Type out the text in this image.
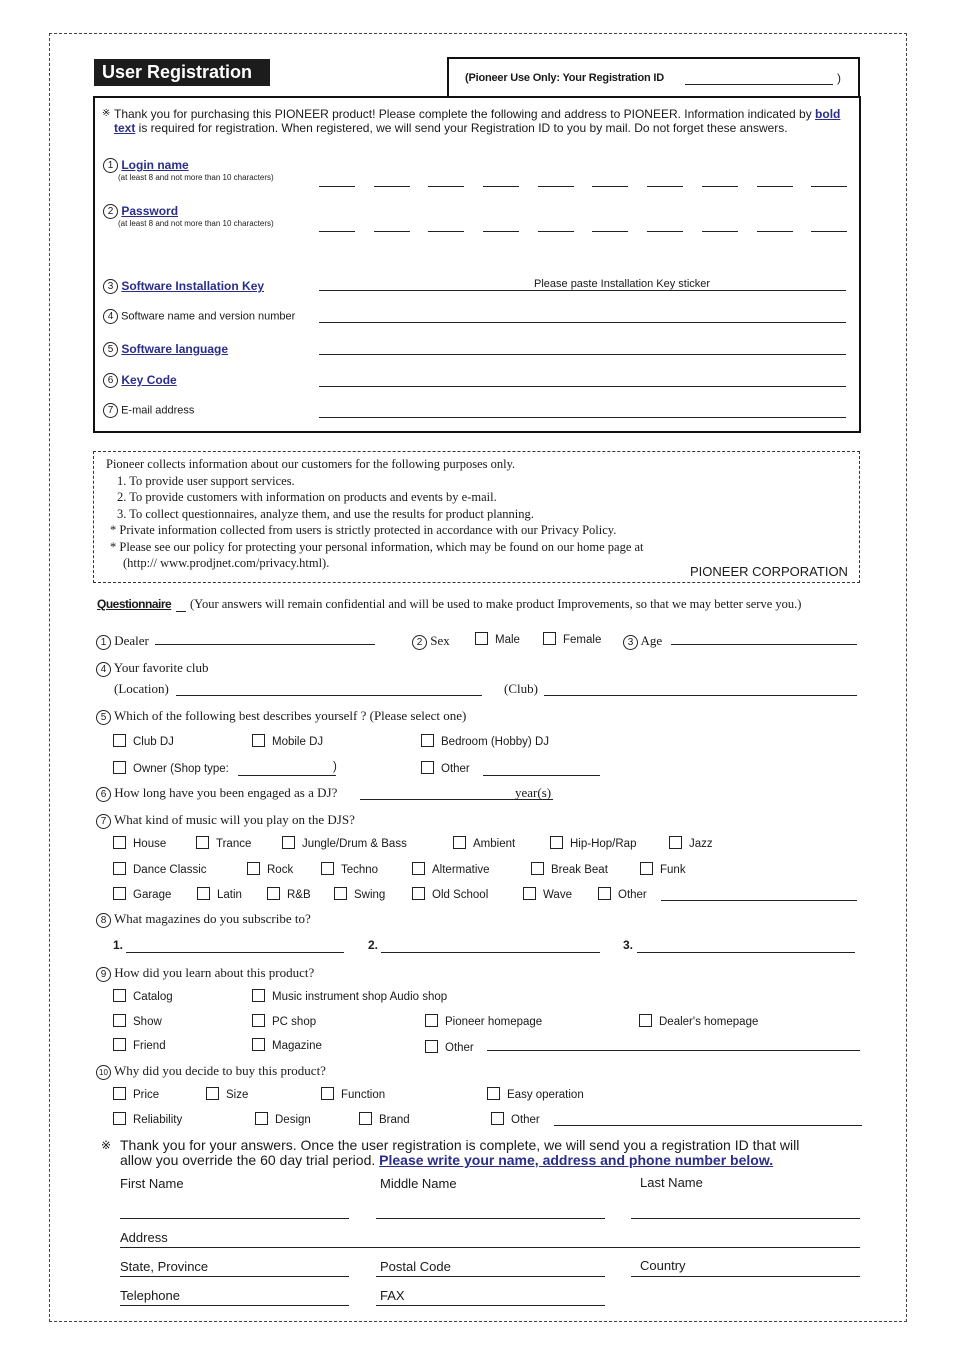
User Registration	(Pioneer Use Only: Your Registration ID	)
※ Thank you for purchasing this PIONEER product! Please complete the following and address to PIONEER. Information indicated by bold text is required for registration. When registered, we will send your Registration ID to you by mail. Do not forget these answers.
1 Login name
(at least 8 and not more than 10 characters)
2 Password
(at least 8 and not more than 10 characters)
3 Software Installation Key	Please paste Installation Key sticker
4 Software name and version number
5 Software language
6 Key Code
7 E-mail address
Pioneer collects information about our customers for the following purposes only.
1. To provide user support services.
2. To provide customers with information on products and events by e-mail.
3. To collect questionnaires, analyze them, and use the results for product planning.
* Private information collected from users is strictly protected in accordance with our Privacy Policy.
* Please see our policy for protecting your personal information, which may be found on our home page at
(http:// www.prodjnet.com/privacy.html).
PIONEER CORPORATION
Questionnaire (Your answers will remain confidential and will be used to make product Improvements, so that we may better serve you.)
1 Dealer	2 Sex	Male	Female	3 Age
4 Your favorite club
(Location)	(Club)
5 Which of the following best describes yourself ? (Please select one)
Club DJ	Mobile DJ	Bedroom (Hobby) DJ
Owner (Shop type:	)	Other
6 How long have you been engaged as a DJ?	year(s)
7 What kind of music will you play on the DJS?
House	Trance	Jungle/Drum & Bass	Ambient	Hip-Hop/Rap	Jazz
Dance Classic	Rock	Techno	Altermative	Break Beat	Funk
Garage	Latin	R&B	Swing	Old School	Wave	Other
8 What magazines do you subscribe to?
1.	2.	3.
9 How did you learn about this product?
Catalog	Music instrument shop Audio shop
Show	PC shop	Pioneer homepage	Dealer's homepage
Friend	Magazine	Other
10 Why did you decide to buy this product?
Price	Size	Function	Easy operation
Reliability	Design	Brand	Other
※ Thank you for your answers. Once the user registration is complete, we will send you a registration ID that will
allow you override the 60 day trial period. Please write your name, address and phone number below.
First Name	Middle Name	Last Name
Address
State, Province	Postal Code	Country
Telephone	FAX
